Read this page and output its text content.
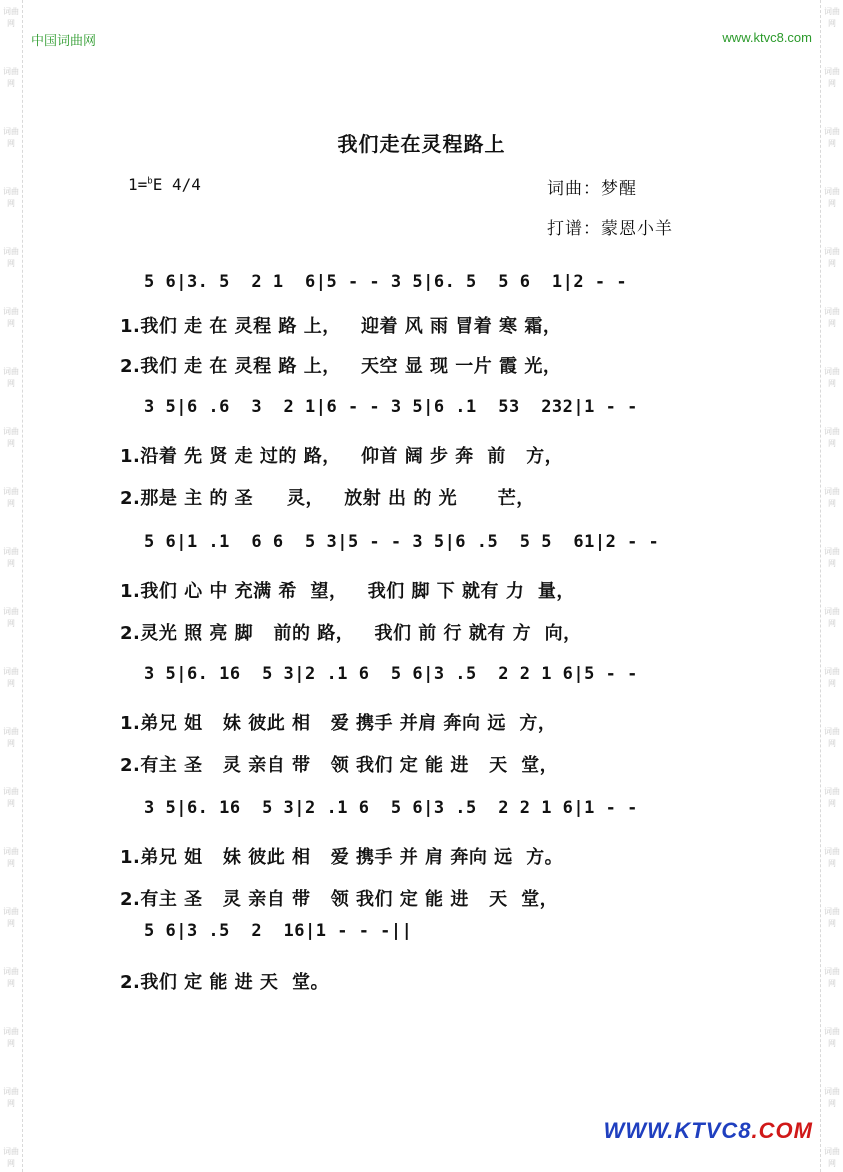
词曲网
词曲网
词曲网
词曲网
词曲网
词曲网
词曲网
词曲网
词曲网
词曲网
词曲网
词曲网
词曲网
词曲网
词曲网
词曲网
词曲网
词曲网
词曲网
词曲网
词曲网
词曲网
词曲网
词曲网
词曲网
词曲网
词曲网
词曲网
词曲网
词曲网
词曲网
词曲网
词曲网
词曲网
词曲网
词曲网
词曲网
词曲网
词曲网
词曲网
中国词曲网	www.ktvc8.com
我们走在灵程路上
1=$^b$E 4/4	词曲：梦醒
打谱：蒙恩小羊
5 6|3. 5  2 1  6|5 - - 3 5|6. 5  5 6  1|2 - -
1.我们 走 在 灵程 路 上，   迎着 风 雨 冒着 寒 霜，
2.我们 走 在 灵程 路 上，   天空 显 现 一片 霞 光，
3 5|6 .6  3  2 1|6 - - 3 5|6 .1  53  232|1 - -
1.沿着 先 贤 走 过的 路，   仰首 阔 步 奔  前   方，
2.那是 主 的 圣     灵，   放射 出 的 光      芒，
5 6|1 .1  6 6  5 3|5 - - 3 5|6 .5  5 5  61|2 - -
1.我们 心 中 充满 希  望，   我们 脚 下 就有 力  量，
2.灵光 照 亮 脚   前的 路，   我们 前 行 就有 方  向，
3 5|6. 16  5 3|2 .1 6  5 6|3 .5  2 2 1 6|5 - -
1.弟兄 姐   妹 彼此 相   爱 携手 并肩 奔向 远  方，
2.有主 圣   灵 亲自 带   领 我们 定 能 进   天  堂，
3 5|6. 16  5 3|2 .1 6  5 6|3 .5  2 2 1 6|1 - -
1.弟兄 姐   妹 彼此 相   爱 携手 并 肩 奔向 远  方。
2.有主 圣   灵 亲自 带   领 我们 定 能 进   天  堂，
5 6|3 .5  2  16|1 - - -||
2.我们 定 能 进 天  堂。
WWW.KTVC8.COM
